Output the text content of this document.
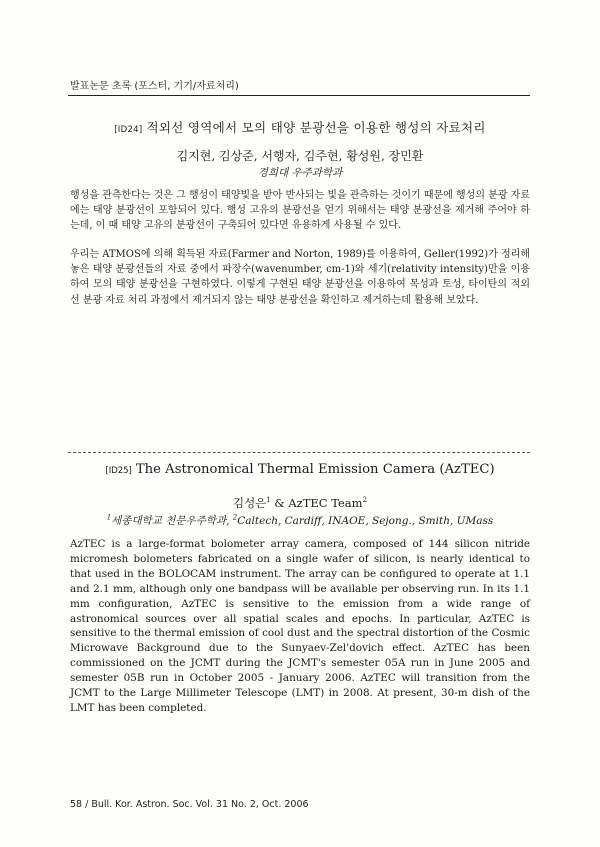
발표논문 초록 (포스터, 기기/자료처리)
[ID24] 적외선 영역에서 모의 태양 분광선을 이용한 행성의 자료처리
김지현, 김상준, 서행자, 김주현, 황성원, 장민환
경희대 우주과학과

행성을 관측한다는 것은 그 행성이 태양빛을 받아 반사되는 빛을 관측하는 것이기 때문에 행성의 분광 자료에는 태양 분광선이 포함되어 있다. 행성 고유의 분광선을 얻기 위해서는 태양 분광선을 제거해 주어야 하는데, 이 때 태양 고유의 분광선이 구축되어 있다면 유용하게 사용될 수 있다.

우리는 ATMOS에 의해 획득된 자료(Farmer and Norton, 1989)를 이용하여, Geller(1992)가 정리해 놓은 태양 분광선들의 자료 중에서 파장수(wavenumber, cm-1)와 세기(relativity intensity)만을 이용하여 모의 태양 분광선을 구현하였다. 이렇게 구현된 태양 분광선을 이용하여 목성과 토성, 타이탄의 적외선 분광 자료 처리 과정에서 제거되지 않는 태양 분광선을 확인하고 제거하는데 활용해 보았다.

[ID25] The Astronomical Thermal Emission Camera (AzTEC)
김성은$^1$ & AzTEC Team$^2$
$^1$세종대학교 천문우주학과, $^2$Caltech, Cardiff, INAOE, Sejong., Smith, UMass

AzTEC is a large-format bolometer array camera, composed of 144 silicon nitride micromesh bolometers fabricated on a single wafer of silicon, is nearly identical to that used in the BOLOCAM instrument. The array can be configured to operate at 1.1 and 2.1 mm, although only one bandpass will be available per observing run. In its 1.1 mm configuration, AzTEC is sensitive to the emission from a wide range of astronomical sources over all spatial scales and epochs. In particular, AzTEC is sensitive to the thermal emission of cool dust and the spectral distortion of the Cosmic Microwave Background due to the Sunyaev-Zel'dovich effect. AzTEC has been commissioned on the JCMT during the JCMT's semester 05A run in June 2005 and semester 05B run in October 2005 - January 2006. AzTEC will transition from the JCMT to the Large Millimeter Telescope (LMT) in 2008. At present, 30-m dish of the LMT has been completed.

58 / Bull. Kor. Astron. Soc. Vol. 31 No. 2, Oct. 2006
